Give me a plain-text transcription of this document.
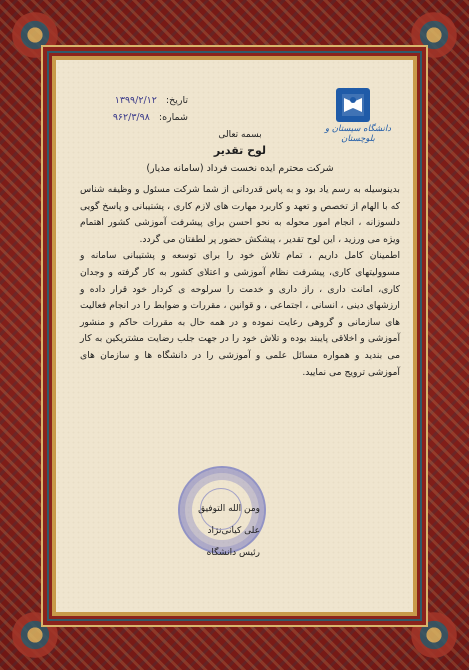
تاریخ: ۱۳۹۹/۲/۱۲
شماره: ۹۶۲/۳/۹۸
دانشگاه سیستان و بلوچستان
بسمه تعالی
لوح تقدیر
شرکت محترم ایده نخست فرداد (سامانه مدیار)

بدینوسیله به رسم یاد بود و به پاس قدردانی از شما شرکت مسئول و وظیفه شناس که با الهام از تخصص و تعهد و کاربرد مهارت های لازم کاری ، پشتیبانی و پاسخ گویی دلسوزانه ، انجام امور محوله به نحو احسن برای پیشرفت آموزشی کشور اهتمام ویژه می ورزید ، این لوح تقدیر ، پیشکش حضور پر لطفتان می گردد.

اطمینان کامل داریم ، تمام تلاش خود را برای توسعه و پشتیبانی سامانه و مسوولیتهای کاری، پیشرفت نظام آموزشی و اعتلای کشور به کار گرفته و وجدان کاری، امانت داری ، راز داری و خدمت را سرلوحه ی کردار خود قرار داده و ارزشهای دینی ، انسانی ، اجتماعی ، و قوانین ، مقررات و ضوابط را در انجام فعالیت های سازمانی و گروهی رعایت نموده و در همه حال به مقررات حاکم و منشور آموزشی و اخلاقی پایبند بوده و تلاش خود را در جهت جلب رضایت مشتریکین به کار می بندید و همواره مسائل علمی و آموزشی را در دانشگاه ها و سازمان های آموزشی ترویج می نمایید.

ومن الله التوفیق
علی کیانی‌نژاد
رئیس دانشگاه
